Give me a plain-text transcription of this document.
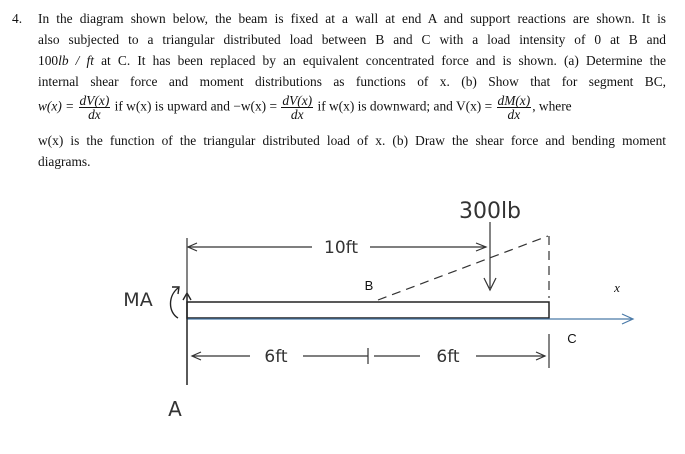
4. In the diagram shown below, the beam is fixed at a wall at end A and support reactions are shown. It is
also subjected to a triangular distributed load between B and C with a load intensity of 0 at B and
100lb / ft at C. It has been replaced by an equivalent concentrated force and is shown. (a) Determine the
internal shear force and moment distributions as functions of x. (b) Show that for segment BC,
$w(x) = \frac{dV(x)}{dx}$ if w(x) is upward and $-w(x) = \frac{dV(x)}{dx}$ if w(x) is downward; and $V(x) = \frac{dM(x)}{dx}$ , where
w(x) is the function of the triangular distributed load of x. (b) Draw the shear force and bending moment
diagrams.
300lb
10ft
6ft	6ft
B
C
A
MA
x
